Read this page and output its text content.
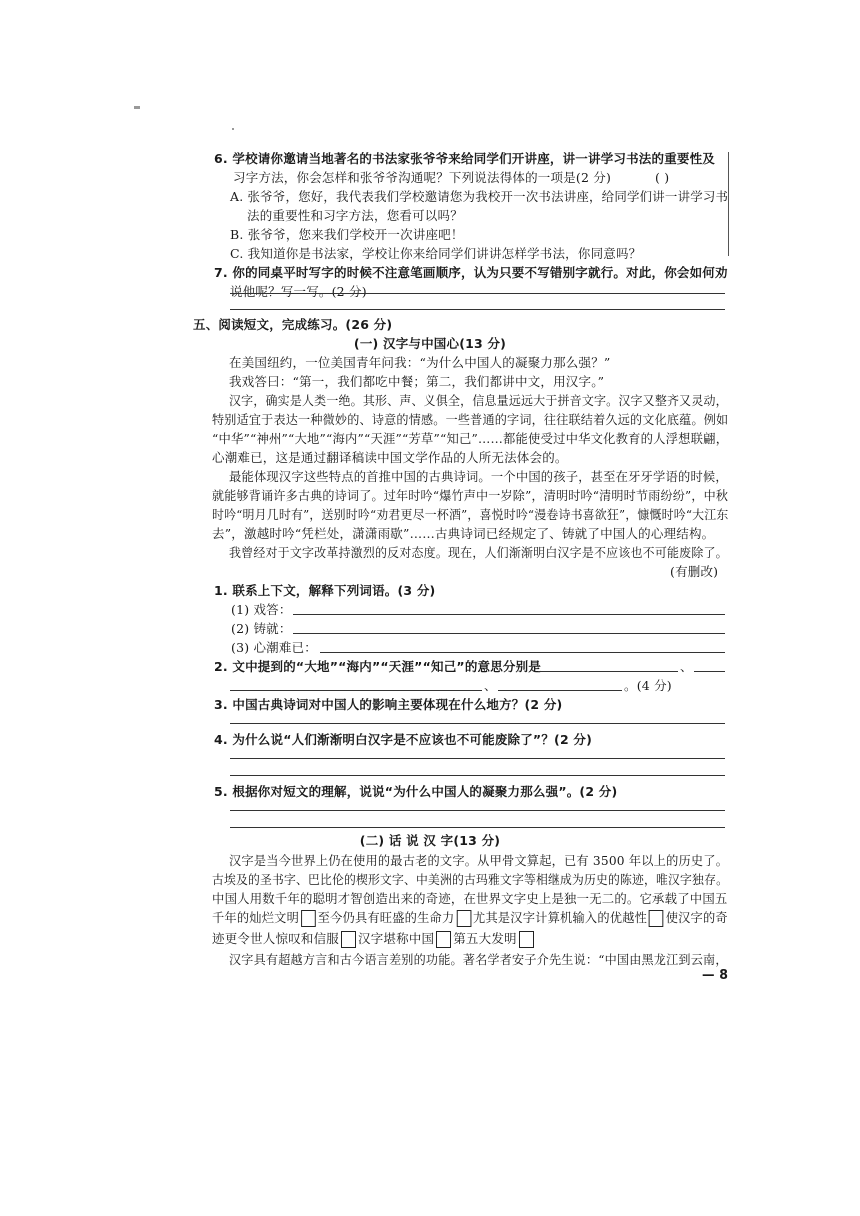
6. 学校请你邀请当地著名的书法家张爷爷来给同学们开讲座，讲一讲学习书法的重要性及
习字方法，你会怎样和张爷爷沟通呢？下列说法得体的一项是(2 分)	( )
A. 张爷爷，您好，我代表我们学校邀请您为我校开一次书法讲座，给同学们讲一讲学习书
法的重要性和习字方法，您看可以吗？
B. 张爷爷，您来我们学校开一次讲座吧！
C. 我知道你是书法家，学校让你来给同学们讲讲怎样学书法，你同意吗？
7. 你的同桌平时写字的时候不注意笔画顺序，认为只要不写错别字就行。对此，你会如何劝
说他呢？写一写。(2 分)
五、阅读短文，完成练习。(26 分)
(一) 汉字与中国心(13 分)
在美国纽约，一位美国青年问我：“为什么中国人的凝聚力那么强？”
我戏答曰：“第一，我们都吃中餐；第二，我们都讲中文，用汉字。”
汉字，确实是人类一绝。其形、声、义俱全，信息量远远大于拼音文字。汉字又整齐又灵动，
特别适宜于表达一种微妙的、诗意的情感。一些普通的字词，往往联结着久远的文化底蕴。例如
“中华”“神州”“大地”“海内”“天涯”“芳草”“知己”……都能使受过中华文化教育的人浮想联翩，
心潮难已，这是通过翻译稿读中国文学作品的人所无法体会的。
最能体现汉字这些特点的首推中国的古典诗词。一个中国的孩子，甚至在牙牙学语的时候，
就能够背诵许多古典的诗词了。过年时吟“爆竹声中一岁除”，清明时吟“清明时节雨纷纷”，中秋
时吟“明月几时有”，送别时吟“劝君更尽一杯酒”，喜悦时吟“漫卷诗书喜欲狂”，慷慨时吟“大江东
去”，激越时吟“凭栏处，潇潇雨歇”……古典诗词已经规定了、铸就了中国人的心理结构。
我曾经对于文字改革持激烈的反对态度。现在，人们渐渐明白汉字是不应该也不可能废除了。
(有删改)
1. 联系上下文，解释下列词语。(3 分)
(1) 戏答：
(2) 铸就：
(3) 心潮难已：
2. 文中提到的“大地”“海内”“天涯”“知己”的意思分别是	、
、	。(4 分)
3. 中国古典诗词对中国人的影响主要体现在什么地方？(2 分)
4. 为什么说“人们渐渐明白汉字是不应该也不可能废除了”？(2 分)
5. 根据你对短文的理解，说说“为什么中国人的凝聚力那么强”。(2 分)
(二) 话 说 汉 字(13 分)
汉字是当今世界上仍在使用的最古老的文字。从甲骨文算起，已有 3500 年以上的历史了。
古埃及的圣书字、巴比伦的楔形文字、中美洲的古玛雅文字等相继成为历史的陈迹，唯汉字独存。
中国人用数千年的聪明才智创造出来的奇迹，在世界文字史上是独一无二的。它承载了中国五
千年的灿烂文明 至今仍具有旺盛的生命力 尤其是汉字计算机输入的优越性 使汉字的奇
迹更令世人惊叹和信服 汉字堪称中国 第五大发明
汉字具有超越方言和古今语言差别的功能。著名学者安子介先生说：“中国由黑龙江到云南，
— 8
